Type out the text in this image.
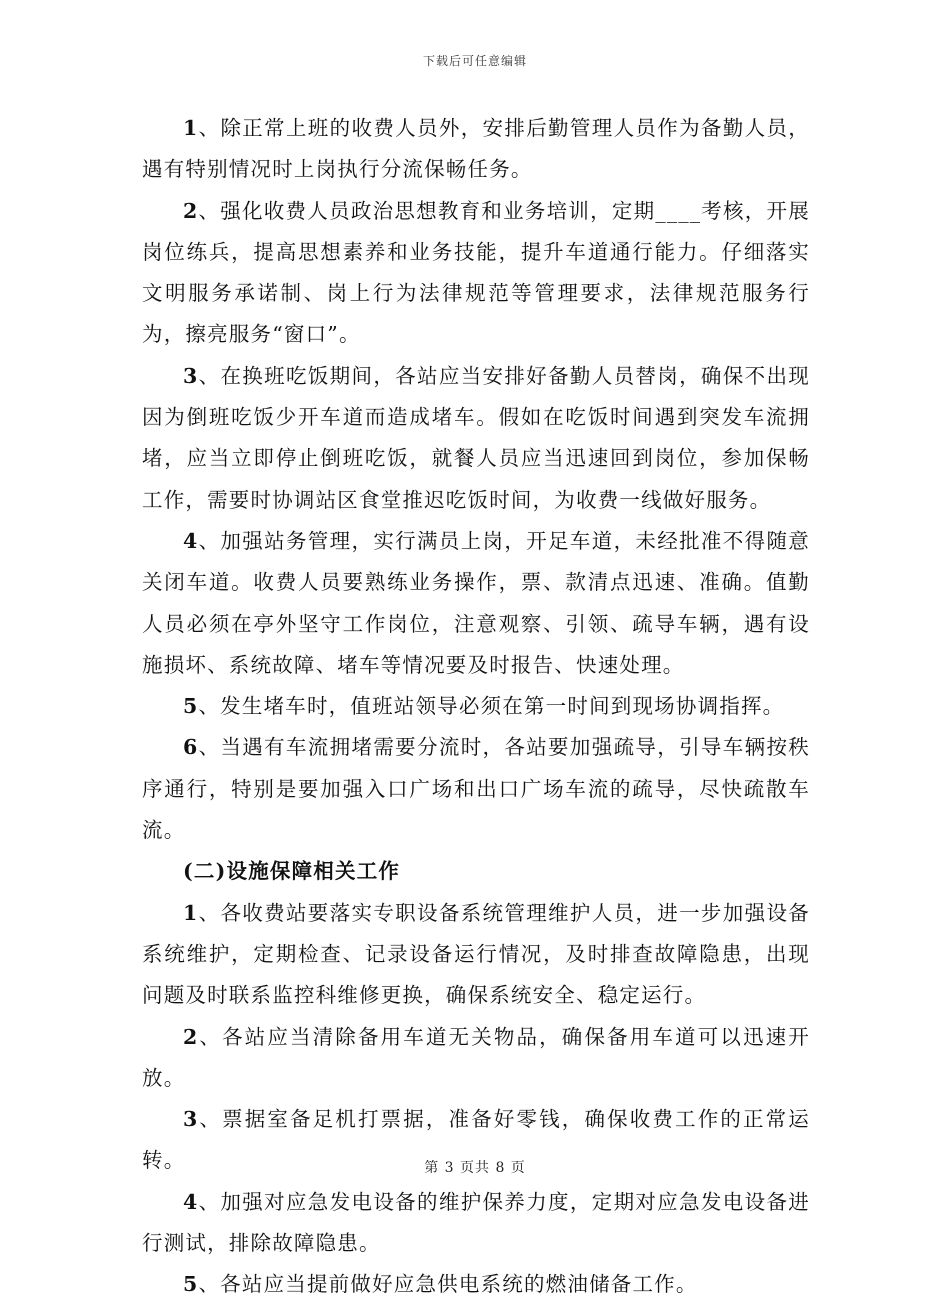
下载后可任意编辑

1、除正常上班的收费人员外，安排后勤管理人员作为备勤人员，遇有特别情况时上岗执行分流保畅任务。

2、强化收费人员政治思想教育和业务培训，定期____考核，开展岗位练兵，提高思想素养和业务技能，提升车道通行能力。仔细落实文明服务承诺制、岗上行为法律规范等管理要求，法律规范服务行为，擦亮服务“窗口”。

3、在换班吃饭期间，各站应当安排好备勤人员替岗，确保不出现因为倒班吃饭少开车道而造成堵车。假如在吃饭时间遇到突发车流拥堵，应当立即停止倒班吃饭，就餐人员应当迅速回到岗位，参加保畅工作，需要时协调站区食堂推迟吃饭时间，为收费一线做好服务。

4、加强站务管理，实行满员上岗，开足车道，未经批准不得随意关闭车道。收费人员要熟练业务操作，票、款清点迅速、准确。值勤人员必须在亭外坚守工作岗位，注意观察、引领、疏导车辆，遇有设施损坏、系统故障、堵车等情况要及时报告、快速处理。

5、发生堵车时，值班站领导必须在第一时间到现场协调指挥。

6、当遇有车流拥堵需要分流时，各站要加强疏导，引导车辆按秩序通行，特别是要加强入口广场和出口广场车流的疏导，尽快疏散车流。

(二)设施保障相关工作

1、各收费站要落实专职设备系统管理维护人员，进一步加强设备系统维护，定期检查、记录设备运行情况，及时排查故障隐患，出现问题及时联系监控科维修更换，确保系统安全、稳定运行。

2、各站应当清除备用车道无关物品，确保备用车道可以迅速开放。

3、票据室备足机打票据，准备好零钱，确保收费工作的正常运转。

4、加强对应急发电设备的维护保养力度，定期对应急发电设备进行测试，排除故障隐患。

5、各站应当提前做好应急供电系统的燃油储备工作。

第 3 页共 8 页
